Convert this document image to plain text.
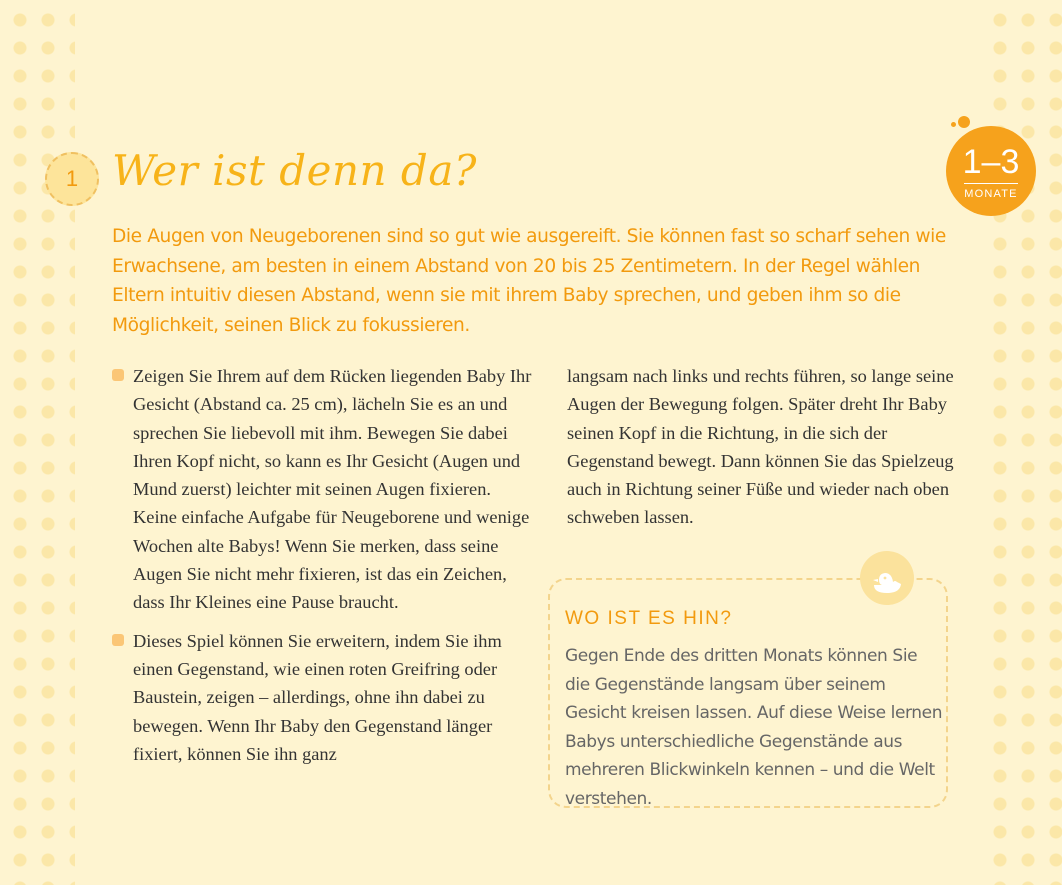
1 Wer ist denn da?	1–3
MONATE

Die Augen von Neugeborenen sind so gut wie ausgereift. Sie können fast so scharf sehen wie Erwachsene, am besten in einem Abstand von 20 bis 25 Zentimetern. In der Regel wählen Eltern intuitiv diesen Abstand, wenn sie mit ihrem Baby sprechen, und geben ihm so die Möglichkeit, seinen Blick zu fokussieren.

Zeigen Sie Ihrem auf dem Rücken liegenden Baby Ihr Gesicht (Abstand ca. 25 cm), lächeln Sie es an und sprechen Sie liebevoll mit ihm. Bewegen Sie dabei Ihren Kopf nicht, so kann es Ihr Gesicht (Augen und Mund zuerst) leichter mit seinen Augen fixieren. Keine einfache Aufgabe für Neugeborene und wenige Wochen alte Babys! Wenn Sie merken, dass seine Augen Sie nicht mehr fixieren, ist das ein Zeichen, dass Ihr Kleines eine Pause braucht.

Dieses Spiel können Sie erweitern, indem Sie ihm einen Gegenstand, wie einen roten Greifring oder Baustein, zeigen – allerdings, ohne ihn dabei zu bewegen. Wenn Ihr Baby den Gegenstand länger fixiert, können Sie ihn ganz

langsam nach links und rechts führen, so lange seine Augen der Bewegung folgen. Später dreht Ihr Baby seinen Kopf in die Richtung, in die sich der Gegenstand bewegt. Dann können Sie das Spielzeug auch in Richtung seiner Füße und wieder nach oben schweben lassen.

WO IST ES HIN?

Gegen Ende des dritten Monats können Sie die Gegenstände langsam über seinem Gesicht kreisen lassen. Auf diese Weise lernen Babys unterschiedliche Gegenstände aus mehreren Blickwinkeln kennen – und die Welt verstehen.
